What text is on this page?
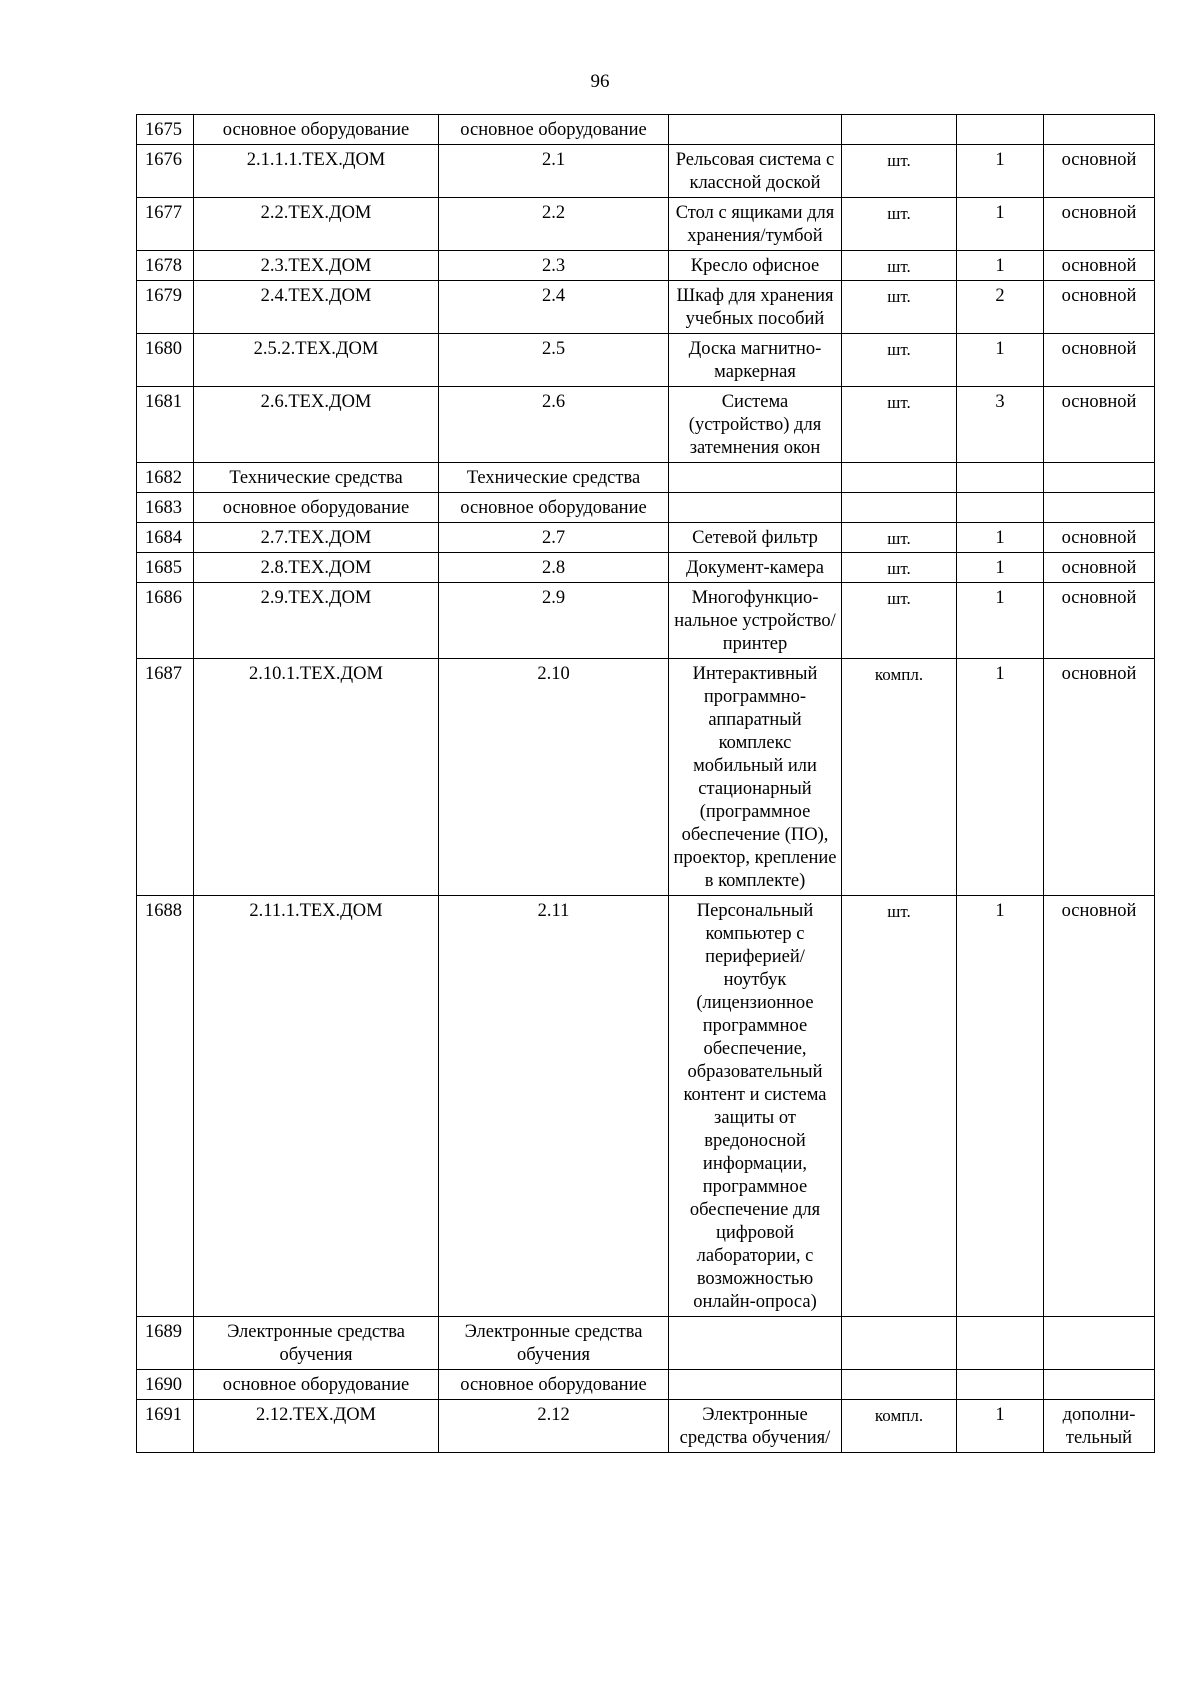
96
1675	основное оборудование	основное оборудование				
1676	2.1.1.1.ТЕХ.ДОМ	2.1	Рельсовая система с классной доской	шт.	1	основной
1677	2.2.ТЕХ.ДОМ	2.2	Стол с ящиками для хранения/тумбой	шт.	1	основной
1678	2.3.ТЕХ.ДОМ	2.3	Кресло офисное	шт.	1	основной
1679	2.4.ТЕХ.ДОМ	2.4	Шкаф для хранения учебных пособий	шт.	2	основной
1680	2.5.2.ТЕХ.ДОМ	2.5	Доска магнитно-маркерная	шт.	1	основной
1681	2.6.ТЕХ.ДОМ	2.6	Система (устройство) для затемнения окон	шт.	3	основной
1682	Технические средства	Технические средства				
1683	основное оборудование	основное оборудование				
1684	2.7.ТЕХ.ДОМ	2.7	Сетевой фильтр	шт.	1	основной
1685	2.8.ТЕХ.ДОМ	2.8	Документ-камера	шт.	1	основной
1686	2.9.ТЕХ.ДОМ	2.9	Многофункцио-нальное устройство/ принтер	шт.	1	основной
1687	2.10.1.ТЕХ.ДОМ	2.10	Интерактивный программно-аппаратный комплекс мобильный или стационарный (программное обеспечение (ПО), проектор, крепление в комплекте)	компл.	1	основной
1688	2.11.1.ТЕХ.ДОМ	2.11	Персональный компьютер с периферией/ ноутбук (лицензионное программное обеспечение, образовательный контент и система защиты от вредоносной информации, программное обеспечение для цифровой лаборатории, с возможностью онлайн-опроса)	шт.	1	основной
1689	Электронные средства обучения	Электронные средства обучения				
1690	основное оборудование	основное оборудование				
1691	2.12.ТЕХ.ДОМ	2.12	Электронные средства обучения/	компл.	1	дополни-тельный
